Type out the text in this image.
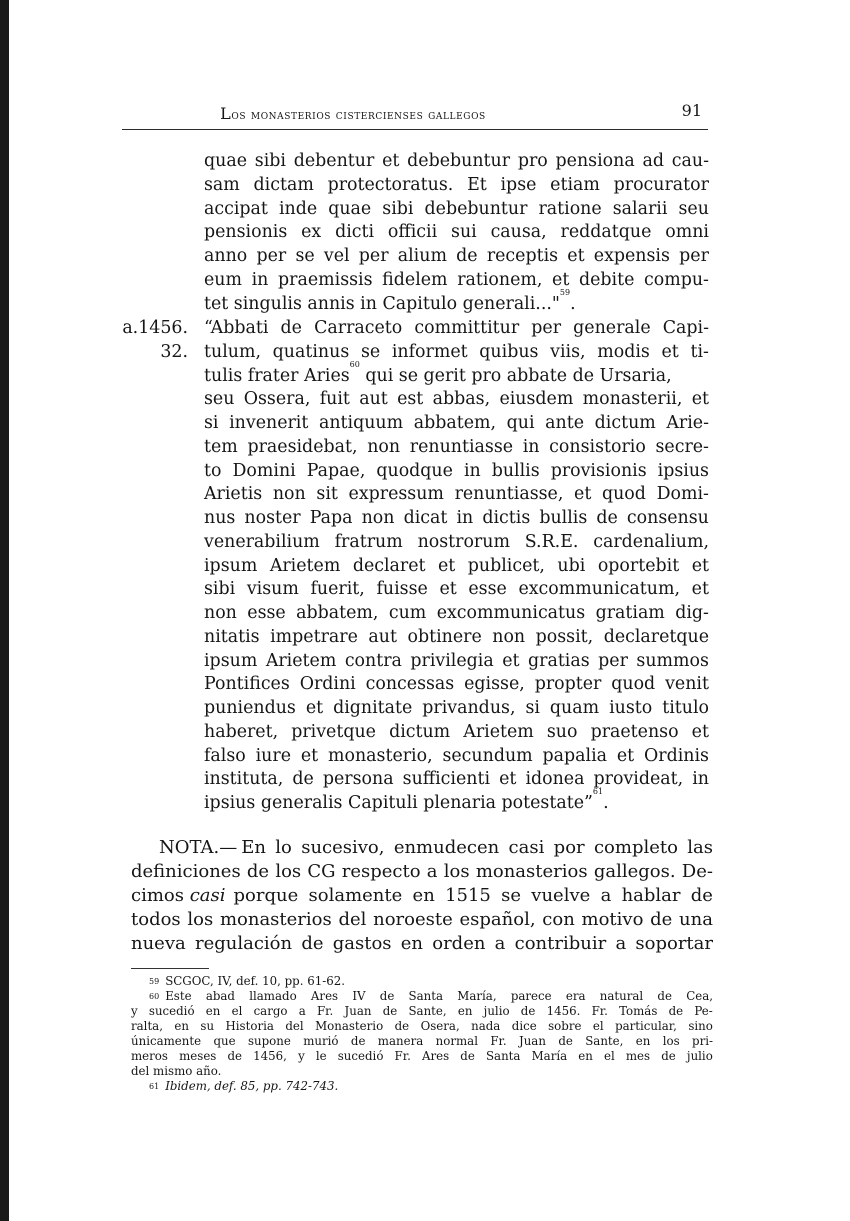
Los monasterios cistercienses gallegos	91
quae sibi debentur et debebuntur pro pensiona ad cau-
sam dictam protectoratus. Et ipse etiam procurator
accipat inde quae sibi debebuntur ratione salarii seu
pensionis ex dicti officii sui causa, reddatque omni
anno per se vel per alium de receptis et expensis per
eum in praemissis fidelem rationem, et debite compu-
tet singulis annis in Capitulo generali..."
59
.
a.1456.
32.
“Abbati de Carraceto committitur per generale Capi-
tulum, quatinus se informet quibus viis, modis et ti-
tulis frater Aries
60
qui se gerit pro abbate de Ursaria,
seu Ossera, fuit aut est abbas, eiusdem monasterii, et
si invenerit antiquum abbatem, qui ante dictum Arie-
tem praesidebat, non renuntiasse in consistorio secre-
to Domini Papae, quodque in bullis provisionis ipsius
Arietis non sit expressum renuntiasse, et quod Domi-
nus noster Papa non dicat in dictis bullis de consensu
venerabilium fratrum nostrorum S.R.E. cardenalium,
ipsum Arietem declaret et publicet, ubi oportebit et
sibi visum fuerit, fuisse et esse excommunicatum, et
non esse abbatem, cum excommunicatus gratiam dig-
nitatis impetrare aut obtinere non possit, declaretque
ipsum Arietem contra privilegia et gratias per summos
Pontifices Ordini concessas egisse, propter quod venit
puniendus et dignitate privandus, si quam iusto titulo
haberet, privetque dictum Arietem suo praetenso et
falso iure et monasterio, secundum papalia et Ordinis
instituta, de persona sufficienti et idonea provideat, in
ipsius generalis Capituli plenaria potestate”
61
.
NOTA.— En lo sucesivo, enmudecen casi por completo las
definiciones de los CG respecto a los monasterios gallegos. De-
cimos casi porque solamente en 1515 se vuelve a hablar de
todos los monasterios del noroeste español, con motivo de una
nueva regulación de gastos en orden a contribuir a soportar
59 SCGOC, IV, def. 10, pp. 61-62.
60 Este abad llamado Ares IV de Santa María, parece era natural de Cea,
y sucedió en el cargo a Fr. Juan de Sante, en julio de 1456. Fr. Tomás de Pe-
ralta, en su Historia del Monasterio de Osera, nada dice sobre el particular, sino
únicamente que supone murió de manera normal Fr. Juan de Sante, en los pri-
meros meses de 1456, y le sucedió Fr. Ares de Santa María en el mes de julio
del mismo año.
61 Ibidem, def. 85, pp. 742-743.
